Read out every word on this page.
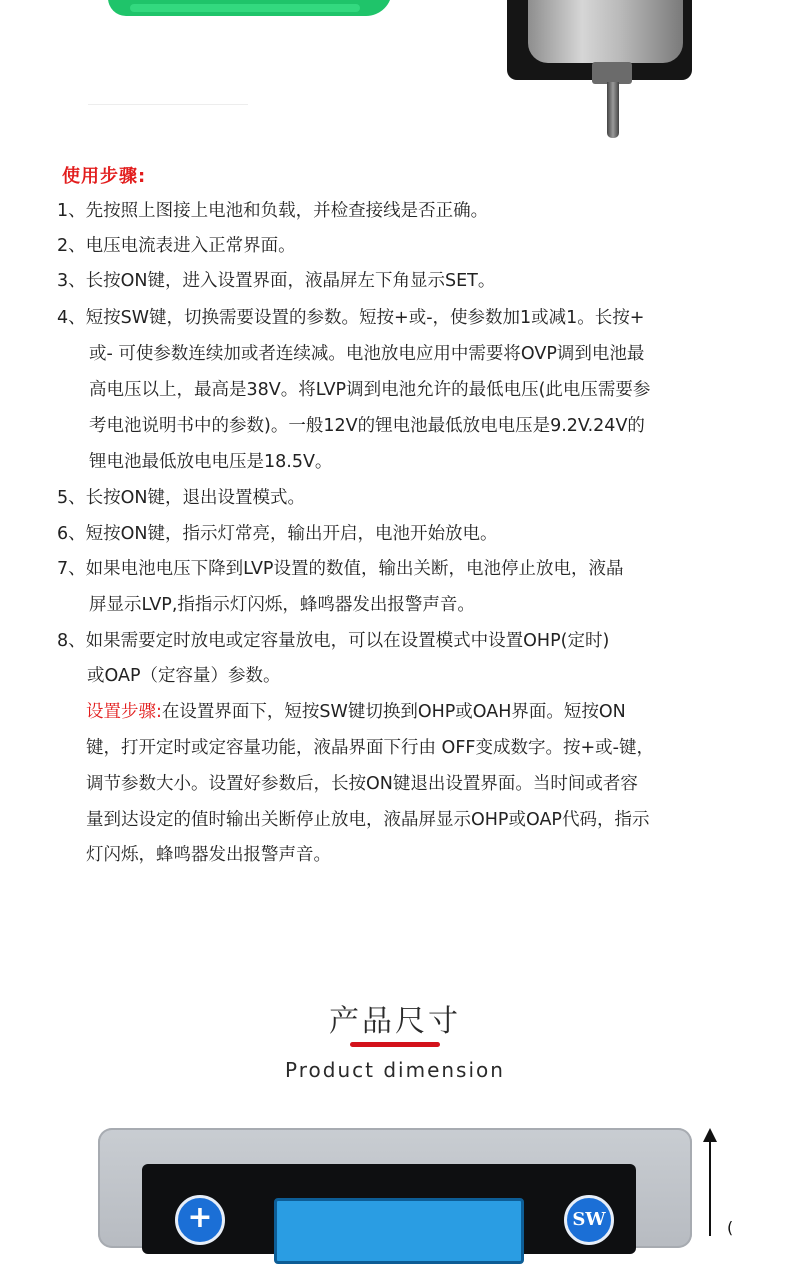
使用步骤:
1、先按照上图接上电池和负载，并检查接线是否正确。
2、电压电流表进入正常界面。
3、长按ON键，进入设置界面，液晶屏左下角显示SET。
4、短按SW键，切换需要设置的参数。短按+或-，使参数加1或减1。长按+
或- 可使参数连续加或者连续减。电池放电应用中需要将OVP调到电池最
高电压以上，最高是38V。将LVP调到电池允许的最低电压(此电压需要参
考电池说明书中的参数)。一般12V的锂电池最低放电电压是9.2V.24V的
锂电池最低放电电压是18.5V。
5、长按ON键，退出设置模式。
6、短按ON键，指示灯常亮，输出开启，电池开始放电。
7、如果电池电压下降到LVP设置的数值，输出关断，电池停止放电，液晶
屏显示LVP,指指示灯闪烁，蜂鸣器发出报警声音。
8、如果需要定时放电或定容量放电，可以在设置模式中设置OHP(定时)
或OAP（定容量）参数。
设置步骤:在设置界面下，短按SW键切换到OHP或OAH界面。短按ON
键，打开定时或定容量功能，液晶界面下行由 OFF变成数字。按+或-键，
调节参数大小。设置好参数后，长按ON键退出设置界面。当时间或者容
量到达设定的值时输出关断停止放电，液晶屏显示OHP或OAP代码，指示
灯闪烁，蜂鸣器发出报警声音。
产品尺寸
Product dimension
+	SW	(
